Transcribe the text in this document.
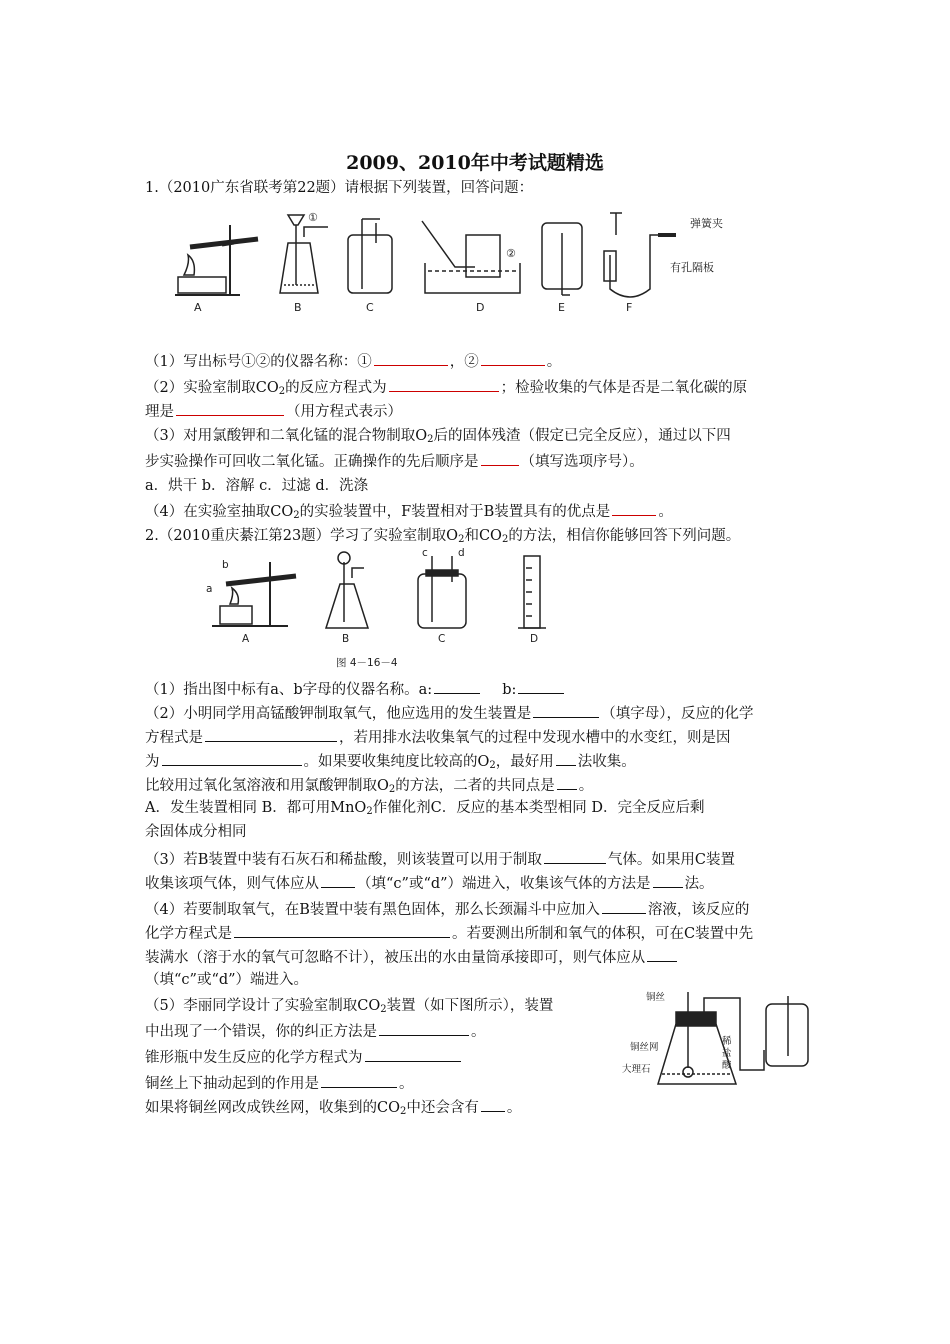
2009、2010年中考试题精选
1.（2010广东省联考第22题）请根据下列装置，回答问题：
A	B	C	D	E	F
①
②
弹簧夹
有孔隔板
（1）写出标号①②的仪器名称：①	，②	。
（2）实验室制取$CO_2$的反应方程式为	；检验收集的气体是否是二氧化碳的原
理是	（用方程式表示）
（3）对用氯酸钾和二氧化锰的混合物制取$O_2$后的固体残渣（假定已完全反应），通过以下四
步实验操作可回收二氧化锰。正确操作的先后顺序是	（填写选项序号）。
a．烘干 b．溶解 c．过滤 d．洗涤
（4）在实验室抽取$CO_2$的实验装置中，F装置相对于B装置具有的优点是	。
2.（2010重庆綦江第23题）学习了实验室制取$O_2$和$CO_2$的方法，相信你能够回答下列问题。
a
b
c	d
A	B	C	D
图 4－16－4
（1）指出图中标有a、b字母的仪器名称。a:	b:
（2）小明同学用高锰酸钾制取氧气，他应选用的发生装置是	（填字母），反应的化学
方程式是	，若用排水法收集氧气的过程中发现水槽中的水变红，则是因
为	。如果要收集纯度比较高的$O_2$，最好用 法收集。
比较用过氧化氢溶液和用氯酸钾制取$O_2$的方法，二者的共同点是 。
A．发生装置相同 B．都可用MnO$_2$作催化剂C．反应的基本类型相同 D．完全反应后剩
余固体成分相同
（3）若B装置中装有石灰石和稀盐酸，则该装置可以用于制取	气体。如果用C装置
收集该项气体，则气体应从	（填“c”或“d”）端进入，收集该气体的方法是 法。
（4）若要制取氧气，在B装置中装有黑色固体，那么长颈漏斗中应加入	溶液，该反应的
化学方程式是	。若要测出所制和氧气的体积，可在C装置中先
装满水（溶于水的氧气可忽略不计），被压出的水由量筒承接即可，则气体应从
（填“c”或“d”）端进入。
（5）李丽同学设计了实验室制取$CO_2$装置（如下图所示），装置
中出现了一个错误，你的纠正方法是	。
锥形瓶中发生反应的化学方程式为
铜丝上下抽动起到的作用是	。
如果将铜丝网改成铁丝网，收集到的$CO_2$中还会含有 。
铜丝
铜丝网
大理石
稀
盐
酸
